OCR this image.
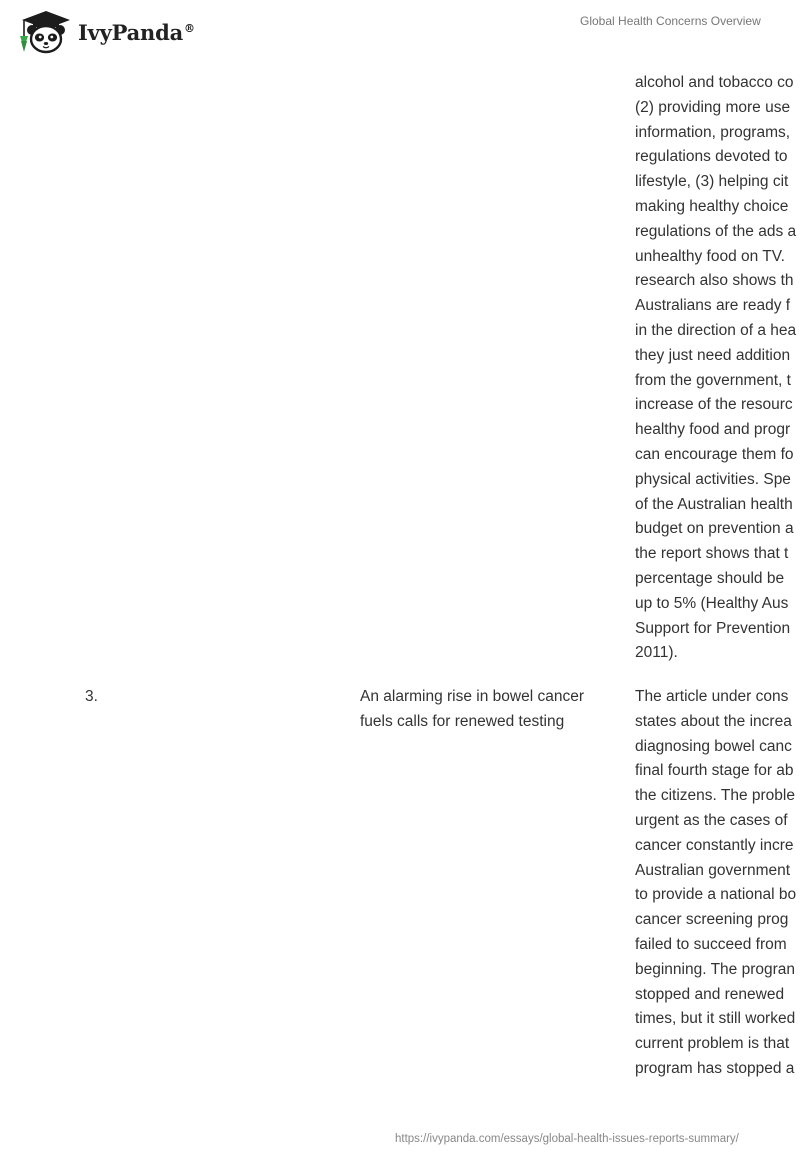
IvyPanda®	Global Health Concerns Overview
alcohol and tobacco co
(2) providing more use
information, programs,
regulations devoted to
lifestyle, (3) helping cit
making healthy choice
regulations of the ads a
unhealthy food on TV.
research also shows th
Australians are ready f
in the direction of a hea
they just need addition
from the government, t
increase of the resourc
healthy food and progr
can encourage them fo
physical activities. Spe
of the Australian health
budget on prevention a
the report shows that t
percentage should be
up to 5% (Healthy Aus
Support for Prevention
2011).
3.	An alarming rise in bowel cancer fuels calls for renewed testing
The article under cons
states about the increa
diagnosing bowel canc
final fourth stage for ab
the citizens. The proble
urgent as the cases of
cancer constantly incre
Australian government
to provide a national bo
cancer screening prog
failed to succeed from
beginning. The progran
stopped and renewed
times, but it still worked
current problem is that
program has stopped a
https://ivypanda.com/essays/global-health-issues-reports-summary/
